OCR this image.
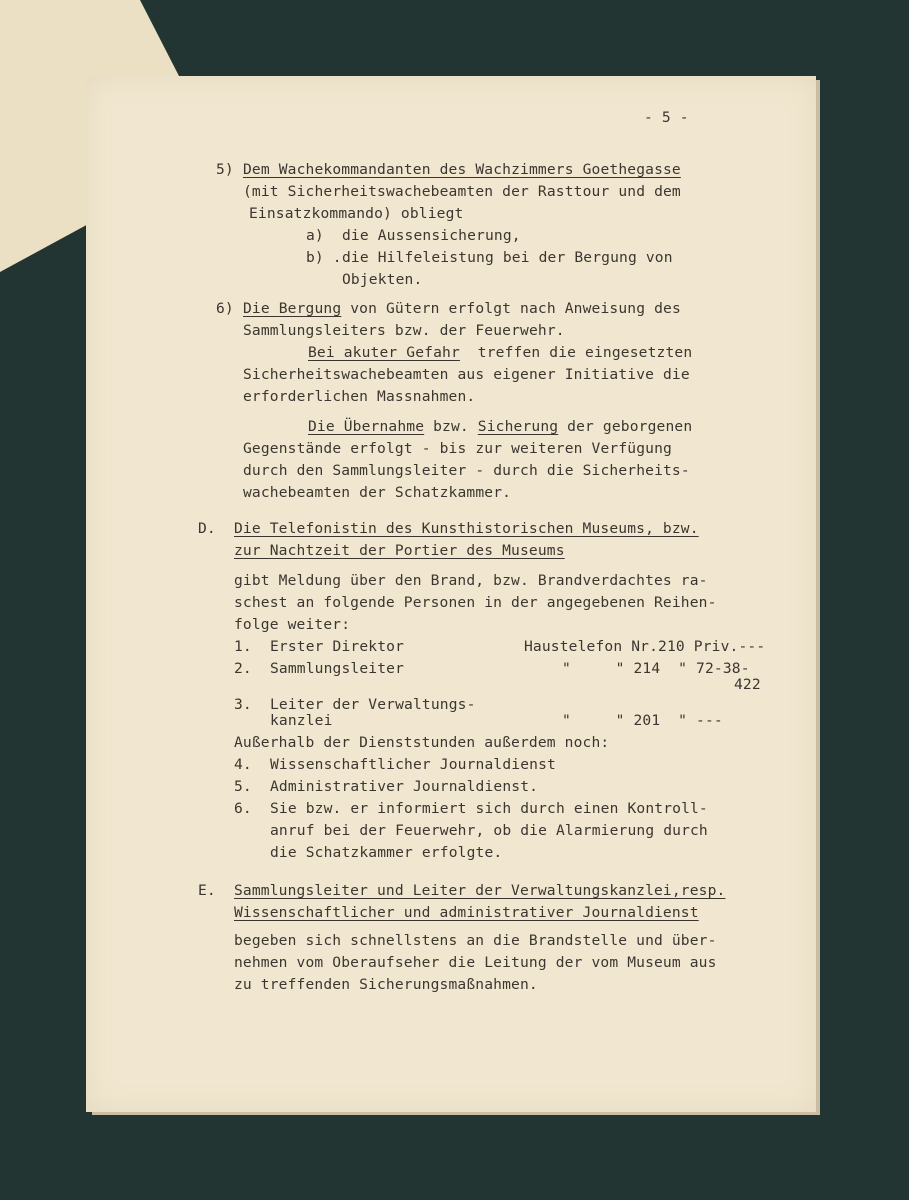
- 5 -

5) Dem Wachekommandanten des Wachzimmers Goethegasse

(mit Sicherheitswachebeamten der Rasttour und dem

Einsatzkommando) obliegt

a) die Aussensicherung,

b) . die Hilfeleistung bei der Bergung von

Objekten.

6) Die Bergung von Gütern erfolgt nach Anweisung des

Sammlungsleiters bzw. der Feuerwehr.

Bei akuter Gefahr  treffen die eingesetzten

Sicherheitswachebeamten aus eigener Initiative die

erforderlichen Massnahmen.

Die Übernahme bzw. Sicherung der geborgenen

Gegenstände erfolgt - bis zur weiteren Verfügung

durch den Sammlungsleiter - durch die Sicherheits-

wachebeamten der Schatzkammer.

D. Die Telefonistin des Kunsthistorischen Museums, bzw.

zur Nachtzeit der Portier des Museums

gibt Meldung über den Brand, bzw. Brandverdachtes ra-

schest an folgende Personen in der angegebenen Reihen-

folge weiter:

1. Erster Direktor	Haustelefon Nr.210 Priv.---

2. Sammlungsleiter	"     " 214  " 72-38-

422

3. Leiter der Verwaltungs-

kanzlei	"     " 201  " ---

Außerhalb der Dienststunden außerdem noch:

4. Wissenschaftlicher Journaldienst

5. Administrativer Journaldienst.

6. Sie bzw. er informiert sich durch einen Kontroll-

anruf bei der Feuerwehr, ob die Alarmierung durch

die Schatzkammer erfolgte.

E. Sammlungsleiter und Leiter der Verwaltungskanzlei,resp.

Wissenschaftlicher und administrativer Journaldienst

begeben sich schnellstens an die Brandstelle und über-

nehmen vom Oberaufseher die Leitung der vom Museum aus

zu treffenden Sicherungsmaßnahmen.
